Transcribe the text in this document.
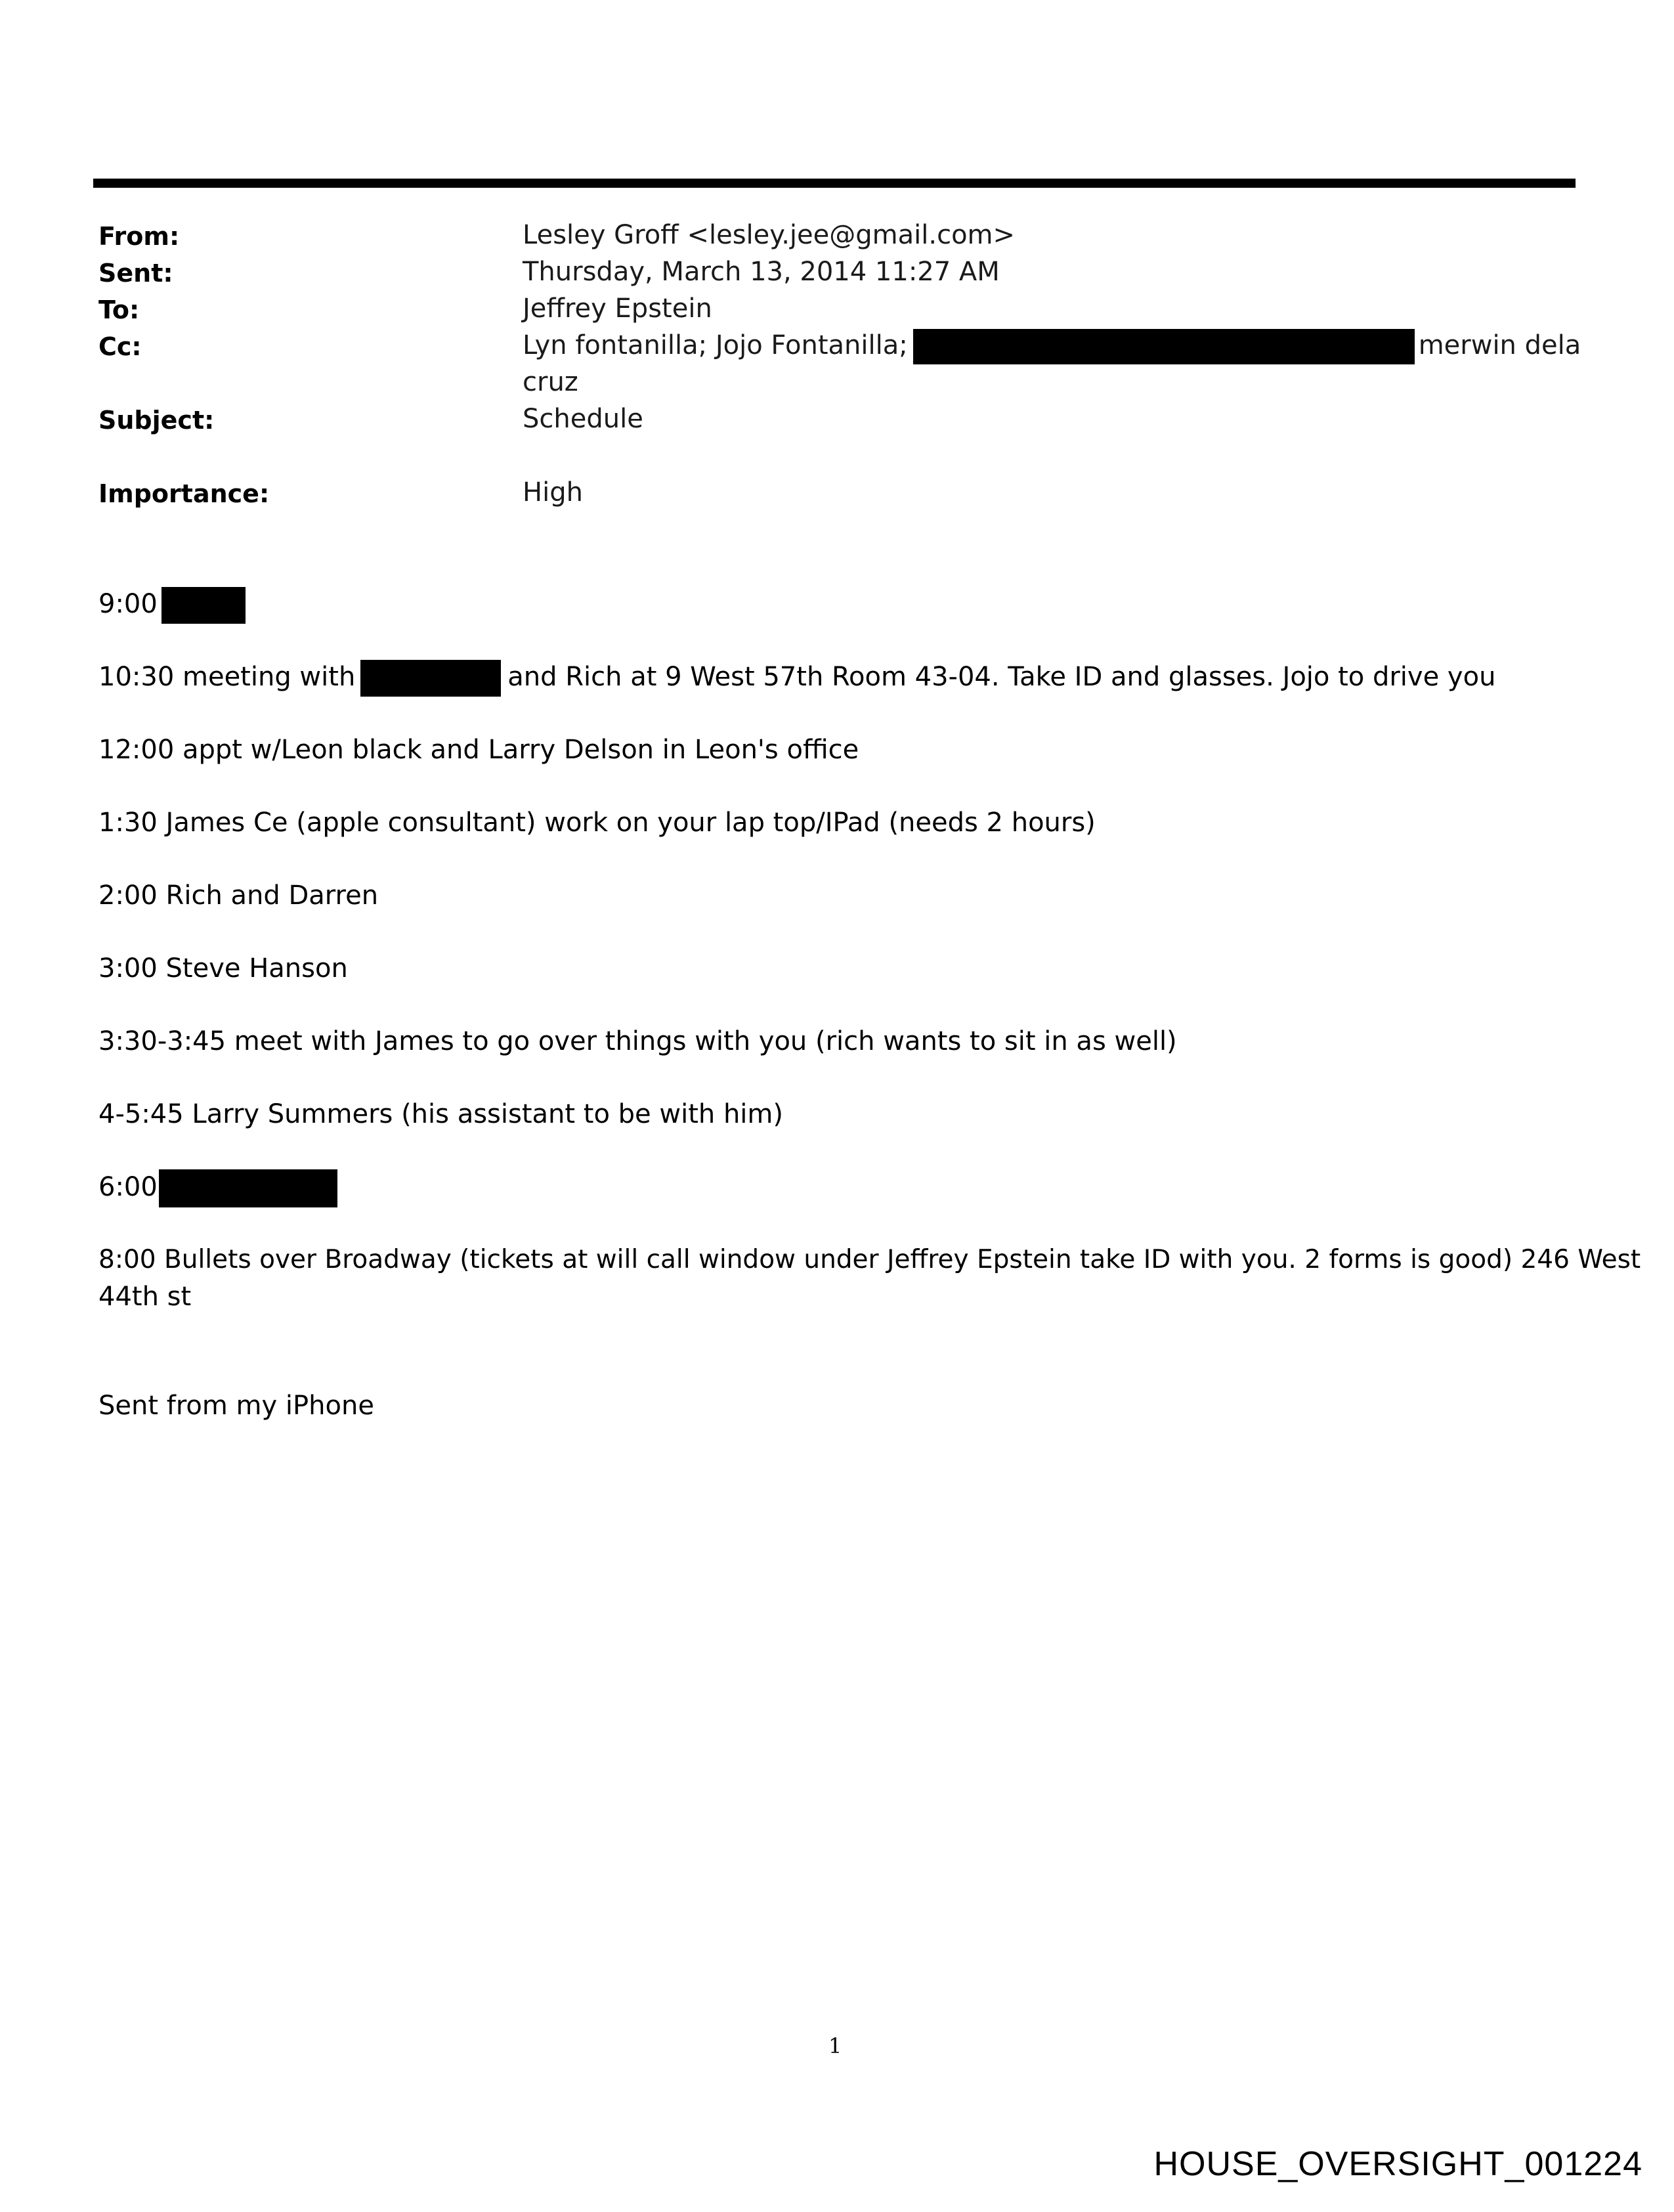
From:	Lesley Groff <lesley.jee@gmail.com>
Sent:	Thursday, March 13, 2014 11:27 AM
To:	Jeffrey Epstein
Cc:	Lyn fontanilla; Jojo Fontanilla;	merwin dela
cruz
Subject:	Schedule
Importance:	High
9:00
10:30 meeting with	and Rich at 9 West 57th Room 43-04. Take ID and glasses. Jojo to drive you
12:00 appt w/Leon black and Larry Delson in Leon's office
1:30 James Ce (apple consultant) work on your lap top/IPad (needs 2 hours)
2:00 Rich and Darren
3:00 Steve Hanson
3:30-3:45 meet with James to go over things with you (rich wants to sit in as well)
4-5:45 Larry Summers (his assistant to be with him)
6:00
8:00 Bullets over Broadway (tickets at will call window under Jeffrey Epstein take ID with you. 2 forms is good) 246 West
44th st
Sent from my iPhone
1
HOUSE_OVERSIGHT_001224
